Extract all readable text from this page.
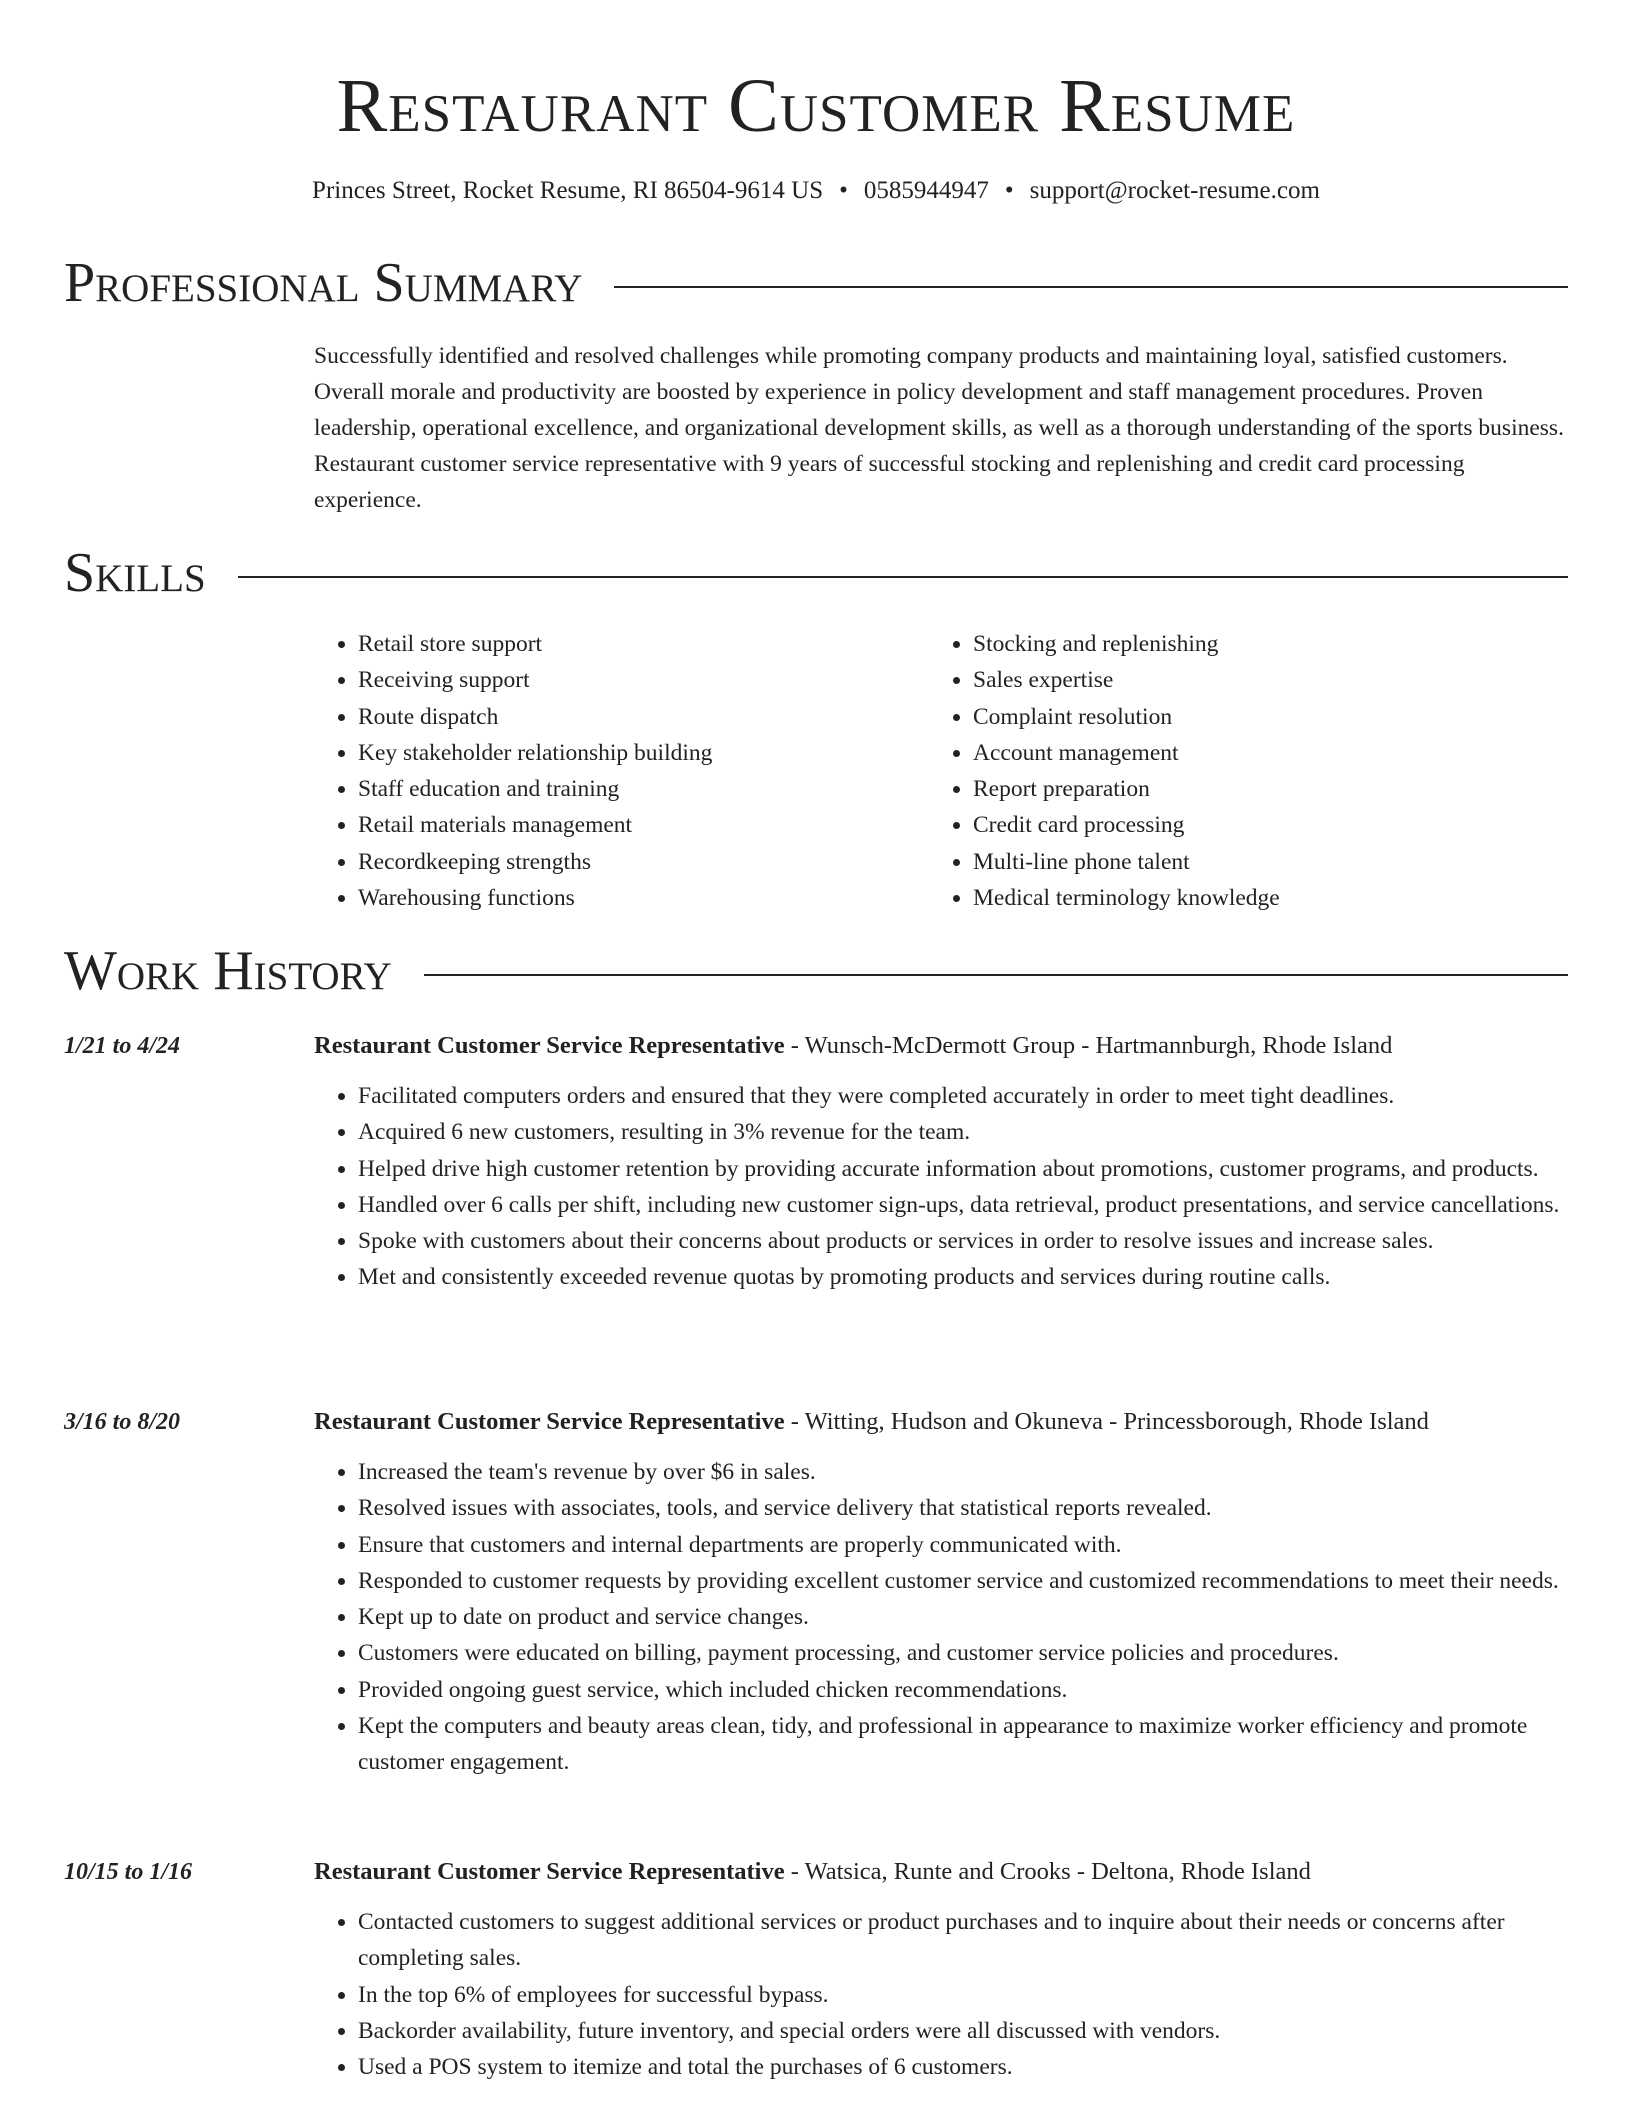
Restaurant Customer Resume
Princes Street, Rocket Resume, RI 86504-9614 US • 0585944947 • support@rocket-resume.com
Professional Summary
Successfully identified and resolved challenges while promoting company products and maintaining loyal, satisfied customers. Overall morale and productivity are boosted by experience in policy development and staff management procedures. Proven leadership, operational excellence, and organizational development skills, as well as a thorough understanding of the sports business. Restaurant customer service representative with 9 years of successful stocking and replenishing and credit card processing experience.
Skills
• Retail store support
• Receiving support
• Route dispatch
• Key stakeholder relationship building
• Staff education and training
• Retail materials management
• Recordkeeping strengths
• Warehousing functions
• Stocking and replenishing
• Sales expertise
• Complaint resolution
• Account management
• Report preparation
• Credit card processing
• Multi-line phone talent
• Medical terminology knowledge
Work History
1/21 to 4/24	Restaurant Customer Service Representative - Wunsch-McDermott Group - Hartmannburgh, Rhode Island
• Facilitated computers orders and ensured that they were completed accurately in order to meet tight deadlines.
• Acquired 6 new customers, resulting in 3% revenue for the team.
• Helped drive high customer retention by providing accurate information about promotions, customer programs, and products.
• Handled over 6 calls per shift, including new customer sign-ups, data retrieval, product presentations, and service cancellations.
• Spoke with customers about their concerns about products or services in order to resolve issues and increase sales.
• Met and consistently exceeded revenue quotas by promoting products and services during routine calls.
3/16 to 8/20	Restaurant Customer Service Representative - Witting, Hudson and Okuneva - Princessborough, Rhode Island
• Increased the team's revenue by over $6 in sales.
• Resolved issues with associates, tools, and service delivery that statistical reports revealed.
• Ensure that customers and internal departments are properly communicated with.
• Responded to customer requests by providing excellent customer service and customized recommendations to meet their needs.
• Kept up to date on product and service changes.
• Customers were educated on billing, payment processing, and customer service policies and procedures.
• Provided ongoing guest service, which included chicken recommendations.
• Kept the computers and beauty areas clean, tidy, and professional in appearance to maximize worker efficiency and promote customer engagement.
10/15 to 1/16	Restaurant Customer Service Representative - Watsica, Runte and Crooks - Deltona, Rhode Island
• Contacted customers to suggest additional services or product purchases and to inquire about their needs or concerns after completing sales.
• In the top 6% of employees for successful bypass.
• Backorder availability, future inventory, and special orders were all discussed with vendors.
• Used a POS system to itemize and total the purchases of 6 customers.
